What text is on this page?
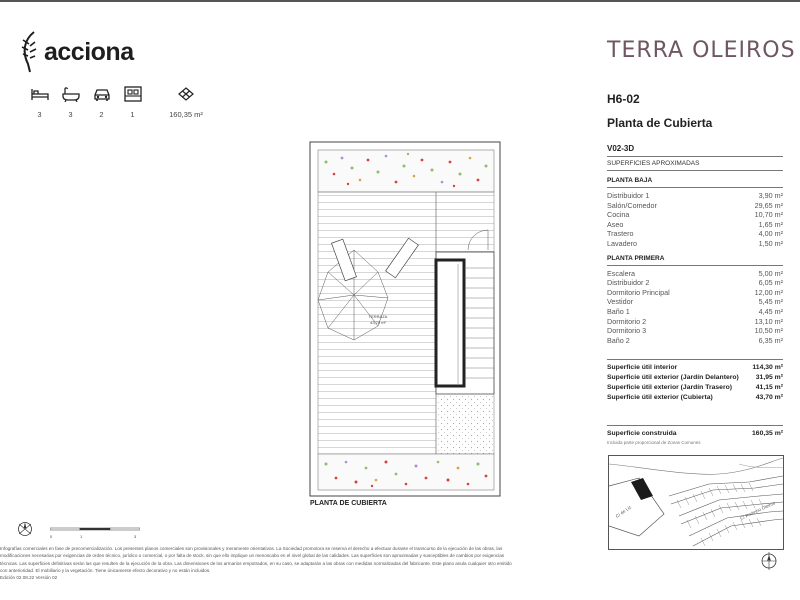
acciona
3	3	2	1	160,35 m²
TERRA OLEIROS
H6-02
Planta de Cubierta
V02-3D
SUPERFICIES APROXIMADAS
PLANTA BAJA
Distribuidor 1	3,90 m²
Salón/Comedor	29,65 m²
Cocina	10,70 m²
Aseo	1,65 m²
Trastero	4,00 m²
Lavadero	1,50 m²
PLANTA PRIMERA
Escalera	5,00 m²
Distribuidor 2	6,05 m²
Dormitorio Principal	12,00 m²
Vestidor	5,45 m²
Baño 1	4,45 m²
Dormitorio 2	13,10 m²
Dormitorio 3	10,50 m²
Baño 2	6,35 m²
Superficie útil interior	114,30 m²
Superficie útil exterior (Jardín Delantero) 31,95 m²
Superficie útil exterior (Jardín Trasero)	41,15 m²
Superficie útil exterior (Cubierta)	43,70 m²
Superficie construida	160,35 m²
Incluida parte proporcional de Zonas Comunes
C/ de Liz	C/ Portinho Oleiros
TERRAZA
43,70 m²
PLANTA DE CUBIERTA
0	1	3

Infografías comerciales en fase de precomercialización. Los presentes planos comerciales son provisionales y meramente orientativos. La Sociedad promotora se reserva el derecho a efectuar durante el transcurso de la ejecución de las obras, las

modificaciones necesarias por exigencias de orden técnico, jurídico o comercial, o por falta de stock, sin que ello implique un menoscabo en el nivel global de las calidades. Las superficies son aproximadas y susceptibles de cambios por exigencias

técnicas. Las superficies definitivas serán las que resulten de la ejecución de la obra. Las dimensiones de los armarios empotrados, en su caso, se adaptarán a las obras con medidas normalizadas del fabricante. Este plano anula cualquier otro emitido

con anterioridad. El mobiliario y la vegetación. Tiene únicamente efecto decorativo y no están incluidos.

Edición 02.08.22 Versión 02
